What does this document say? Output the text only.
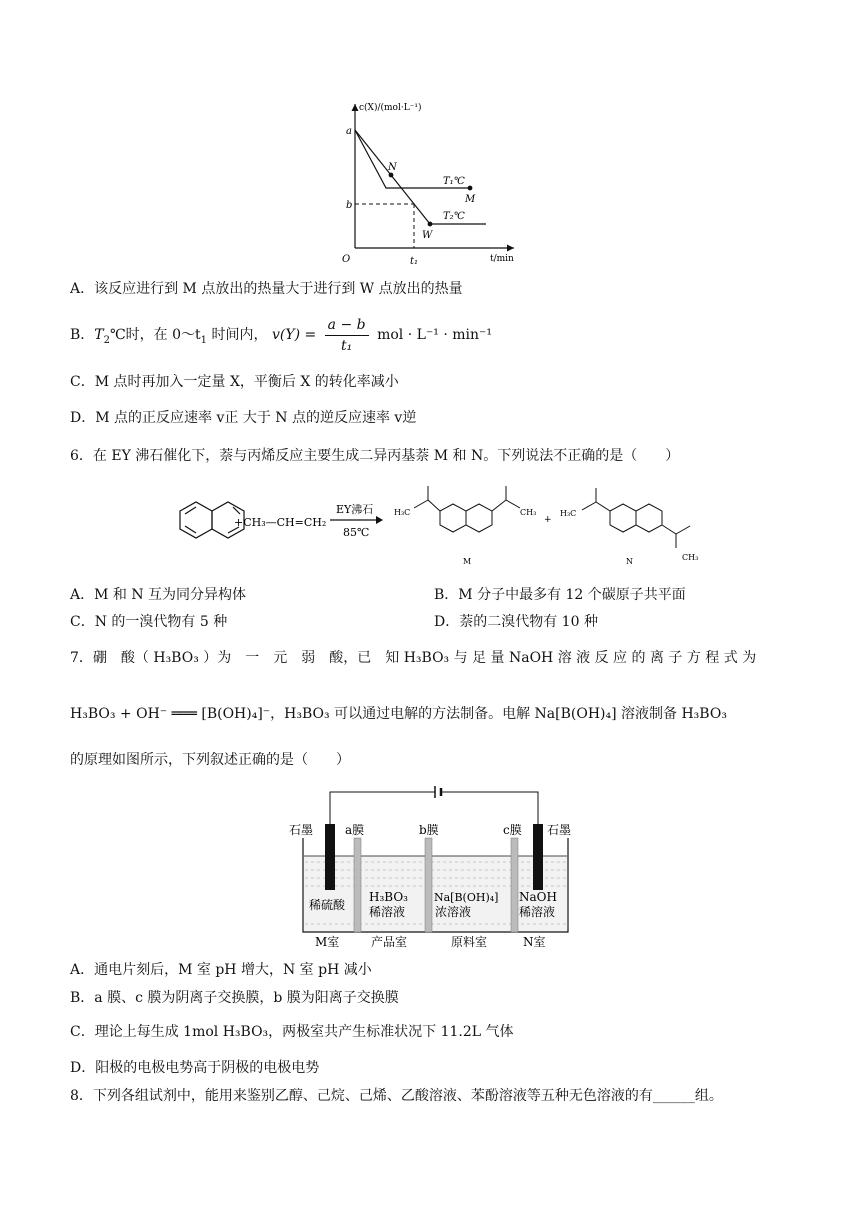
c(X)/(mol·L⁻¹)
t/min
O
a
b
t₁
N
M
W
T₁℃
T₂℃
A．该反应进行到 M 点放出的热量大于进行到 W 点放出的热量
B．$T_2℃$时，在 $0\sim t_1$ 时间内， $v(Y) = \frac{a - b}{\text{t₁}}$ mol · L⁻¹ · min⁻¹
C．M 点时再加入一定量 X，平衡后 X 的转化率减小
D．M 点的正反应速率 v正 大于 N 点的逆反应速率 v逆
6．在 EY 沸石催化下，萘与丙烯反应主要生成二异丙基萘 M 和 N。下列说法不正确的是（　　）
+CH₃—CH=CH₂
EY沸石
85℃
H₃C	CH₃
M
+
H₃C
CH₃
N
A．M 和 N 互为同分异构体	B．M 分子中最多有 12 个碳原子共平面
C．N 的一溴代物有 5 种	D．萘的二溴代物有 10 种
7．硼　酸（ H₃BO₃ ）为　一　元　弱　酸，已　知 H₃BO₃ 与 足 量 NaOH 溶 液 反 应 的 离 子 方 程 式 为
H₃BO₃ + OH⁻ ═══ [B(OH)₄]⁻，H₃BO₃ 可以通过电解的方法制备。电解 Na[B(OH)₄] 溶液制备 H₃BO₃
的原理如图所示，下列叙述正确的是（　　）
石墨	a膜	b膜	c膜 石墨
稀硫酸
H₃BO₃
稀溶液
Na[B(OH)₄]
浓溶液
NaOH
稀溶液
M室	产品室	原料室	N室
A．通电片刻后，M 室 pH 增大，N 室 pH 减小
B．a 膜、c 膜为阴离子交换膜，b 膜为阳离子交换膜
C．理论上每生成 1mol H₃BO₃，两极室共产生标准状况下 11.2L 气体
D．阳极的电极电势高于阴极的电极电势
8．下列各组试剂中，能用来鉴别乙醇、己烷、己烯、乙酸溶液、苯酚溶液等五种无色溶液的有______组。
